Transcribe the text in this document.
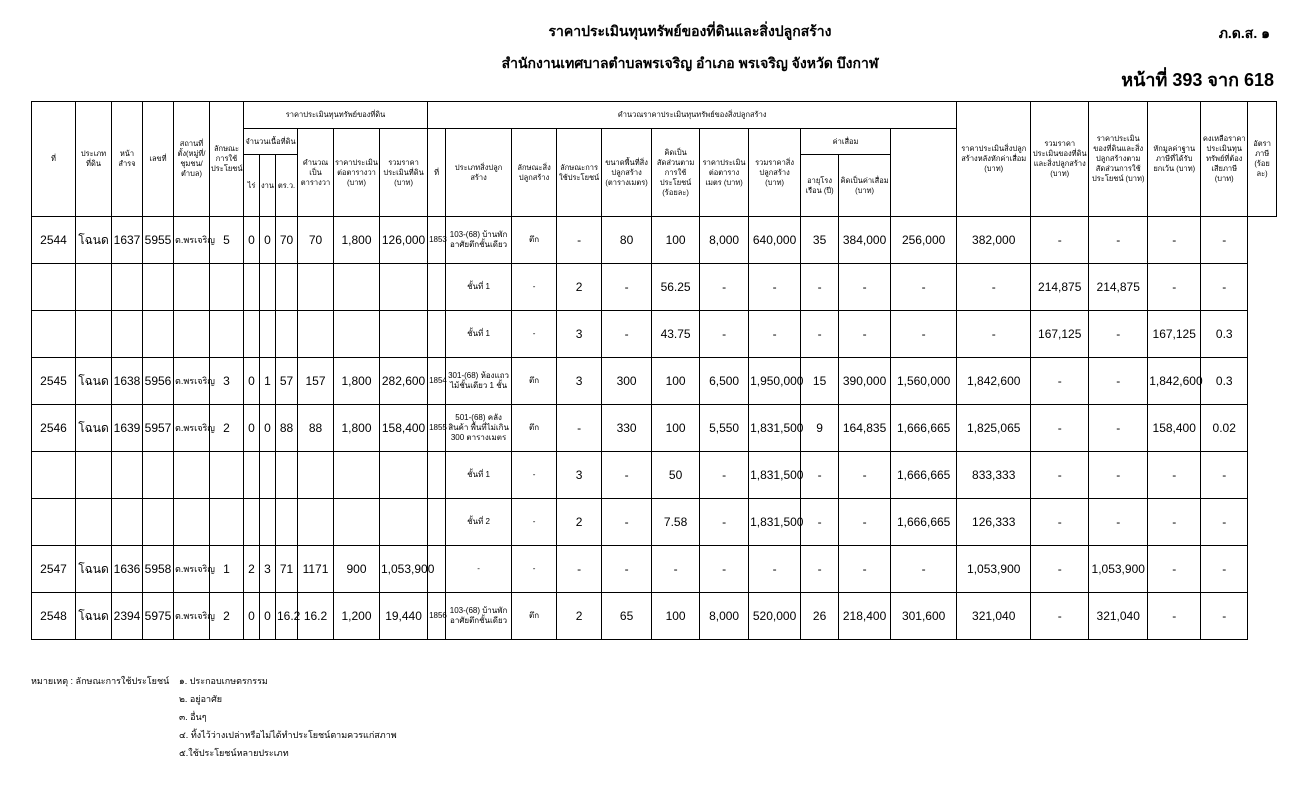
ราคาประเมินทุนทรัพย์ของที่ดินและสิ่งปลูกสร้าง
สำนักงานเทศบาลตำบลพรเจริญ อำเภอ พรเจริญ จังหวัด บึงกาฬ
ภ.ด.ส. ๑
หน้าที่ 393 จาก 618
ที่	ประเภทที่ดิน	หน้าสำรจ	เลขที่	สถานที่ตั้ง(หมู่ที่/ชุมชน/ตำบล)	ลักษณะการใช้ประโยชน์	ราคาประเมินทุนทรัพย์ของที่ดิน						คำนวณราคาประเมินทุนทรัพย์ของสิ่งปลูกสร้าง											ราคาประเมินสิ่งปลูกสร้างหลังหักค่าเสื่อม (บาท)	รวมราคาประเมินของที่ดินและสิ่งปลูกสร้าง (บาท)	ราคาประเมินของที่ดินและสิ่งปลูกสร้างตามสัดส่วนการใช้ประโยชน์ (บาท)	หักมูลค่าฐานภาษีที่ได้รับยกเว้น (บาท)	คงเหลือราคาประเมินทุนทรัพย์ที่ต้องเสียภาษี (บาท)	อัตราภาษี (ร้อยละ)
						จำนวนเนื้อที่ดิน			คำนวณเป็นตารางวา	ราคาประเมินต่อตารางวา (บาท)	รวมราคาประเมินที่ดิน (บาท)	ที่	ประเภทสิ่งปลูกสร้าง	ลักษณะสิ่งปลูกสร้าง	ลักษณะการใช้ประโยชน์	ขนาดพื้นที่สิ่งปลูกสร้าง (ตารางเมตร)	คิดเป็นสัดส่วนตามการใช้ประโยชน์ (ร้อยละ)	ราคาประเมินต่อตารางเมตร (บาท)	รวมราคาสิ่งปลูกสร้าง (บาท)	ค่าเสื่อม								
						ไร่	งาน	ตร.ว.												อายุโรงเรือน (ปี)	คิดเป็นค่าเสื่อม (บาท)							
2544	โฉนด	1637	5955	ต.พรเจริญ	5	0	0	70	70	1,800	126,000	1853	103-(68) บ้านพักอาศัยตึกชั้นเดียว	ตึก	-	80	100	8,000	640,000	35	384,000	256,000	382,000	-	-	-	-	
													ชั้นที่ 1	-	2	-	56.25	-	-	-	-	-	-	214,875	214,875	-	-	
													ชั้นที่ 1	-	3	-	43.75	-	-	-	-	-	-	167,125	-	167,125	0.3	
2545	โฉนด	1638	5956	ต.พรเจริญ	3	0	1	57	157	1,800	282,600	1854	301-(68) ห้องแถว ไม้ชั้นเดียว 1 ชั้น	ตึก	3	300	100	6,500	1,950,000	15	390,000	1,560,000	1,842,600	-	-	1,842,600	0.3	
2546	โฉนด	1639	5957	ต.พรเจริญ	2	0	0	88	88	1,800	158,400	1855	501-(68) คลังสินค้า พื้นที่ไม่เกิน 300 ตารางเมตร	ตึก	-	330	100	5,550	1,831,500	9	164,835	1,666,665	1,825,065	-	-	158,400	0.02	
													ชั้นที่ 1	-	3	-	50	-	1,831,500	-	-	1,666,665	833,333	-	-	-	-	
													ชั้นที่ 2	-	2	-	7.58	-	1,831,500	-	-	1,666,665	126,333	-	-	-	-	
2547	โฉนด	1636	5958	ต.พรเจริญ	1	2	3	71	1171	900	1,053,900		-	-	-	-	-	-	-	-	-	-	1,053,900	-	1,053,900	-	-	
2548	โฉนด	2394	5975	ต.พรเจริญ	2	0	0	16.2	16.2	1,200	19,440	1856	103-(68) บ้านพักอาศัยตึกชั้นเดียว	ตึก	2	65	100	8,000	520,000	26	218,400	301,600	321,040	-	321,040	-	-	
หมายเหตุ : ลักษณะการใช้ประโยชน์ ๑. ประกอบเกษตรกรรม
๒. อยู่อาศัย
๓. อื่นๆ
๔. ทิ้งไว้ว่างเปล่าหรือไม่ได้ทำประโยชน์ตามควรแก่สภาพ
๕.ใช้ประโยชน์หลายประเภท
